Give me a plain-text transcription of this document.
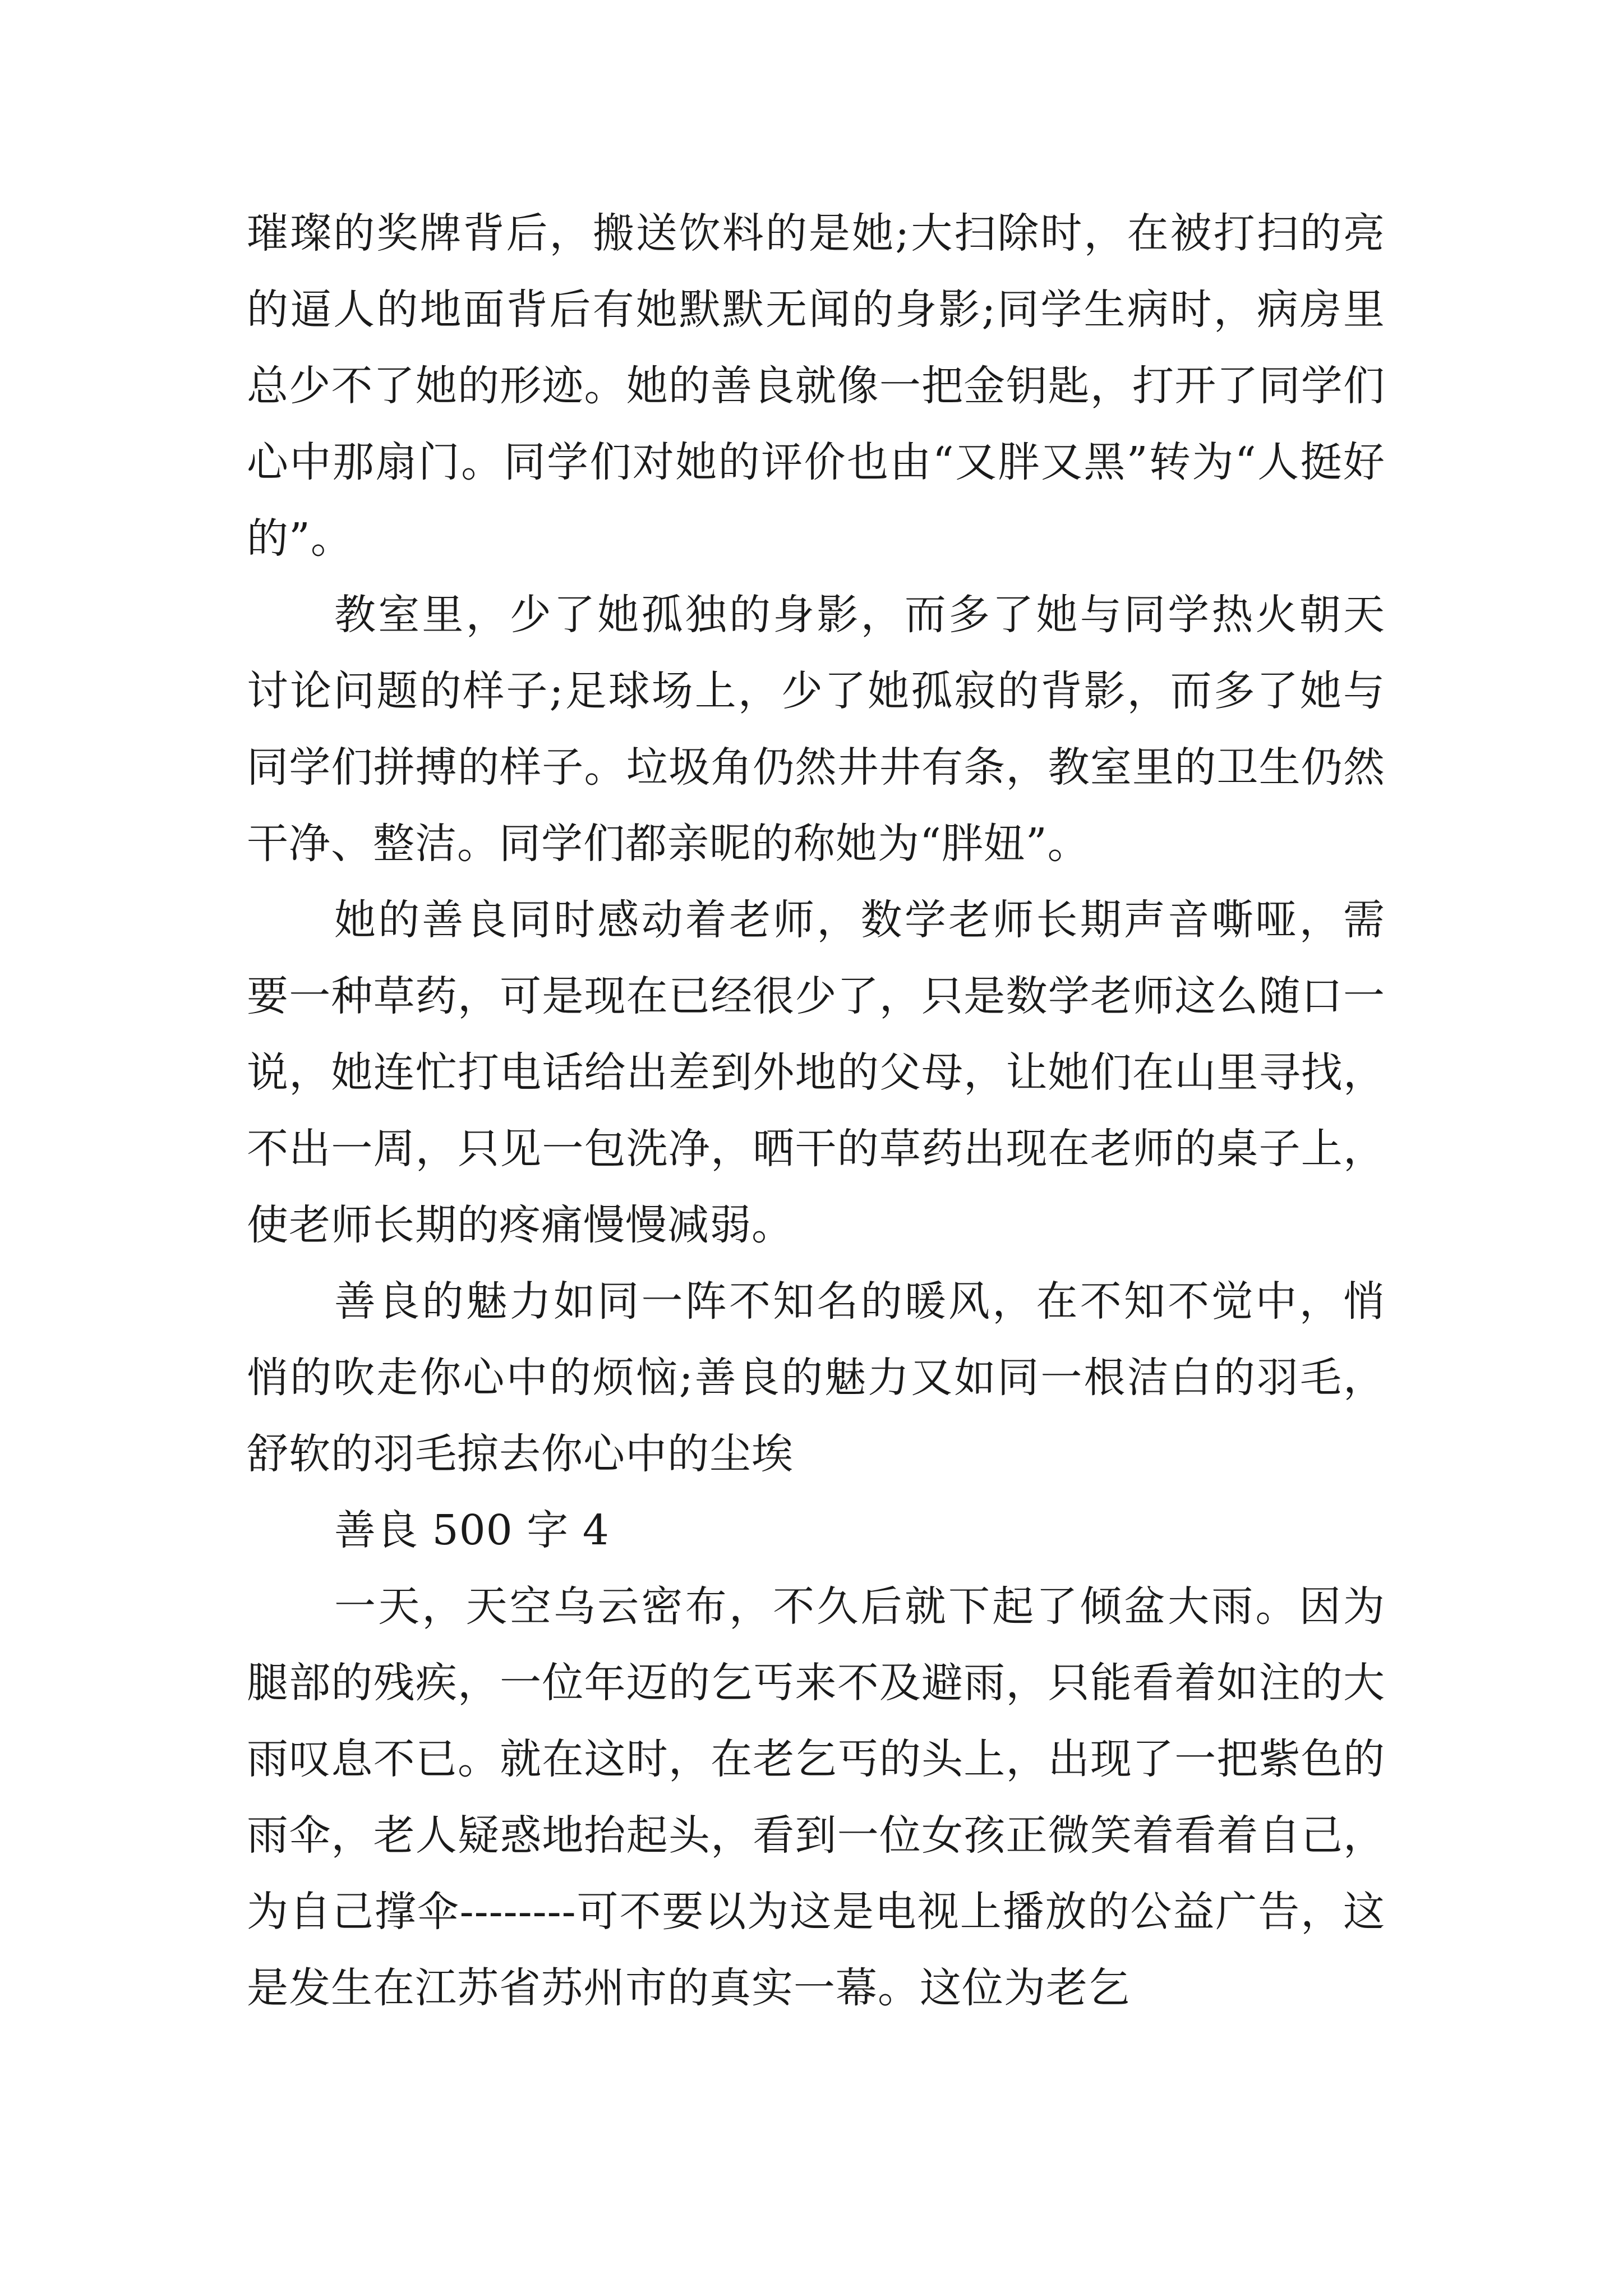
璀璨的奖牌背后，搬送饮料的是她;大扫除时，在被打扫的亮的逼人的地面背后有她默默无闻的身影;同学生病时，病房里总少不了她的形迹。她的善良就像一把金钥匙，打开了同学们心中那扇门。同学们对她的评价也由“又胖又黑”转为“人挺好的”。

教室里，少了她孤独的身影，而多了她与同学热火朝天讨论问题的样子;足球场上，少了她孤寂的背影，而多了她与同学们拼搏的样子。垃圾角仍然井井有条，教室里的卫生仍然干净、整洁。同学们都亲昵的称她为“胖妞”。

她的善良同时感动着老师，数学老师长期声音嘶哑，需要一种草药，可是现在已经很少了，只是数学老师这么随口一说，她连忙打电话给出差到外地的父母，让她们在山里寻找，不出一周，只见一包洗净，晒干的草药出现在老师的桌子上，使老师长期的疼痛慢慢减弱。

善良的魅力如同一阵不知名的暖风，在不知不觉中，悄悄的吹走你心中的烦恼;善良的魅力又如同一根洁白的羽毛，舒软的羽毛掠去你心中的尘埃

善良 500 字 4

一天，天空乌云密布，不久后就下起了倾盆大雨。因为腿部的残疾，一位年迈的乞丐来不及避雨，只能看着如注的大雨叹息不已。就在这时，在老乞丐的头上，出现了一把紫色的雨伞，老人疑惑地抬起头，看到一位女孩正微笑着看着自己，为自己撑伞--------可不要以为这是电视上播放的公益广告，这是发生在江苏省苏州市的真实一幕。这位为老乞
